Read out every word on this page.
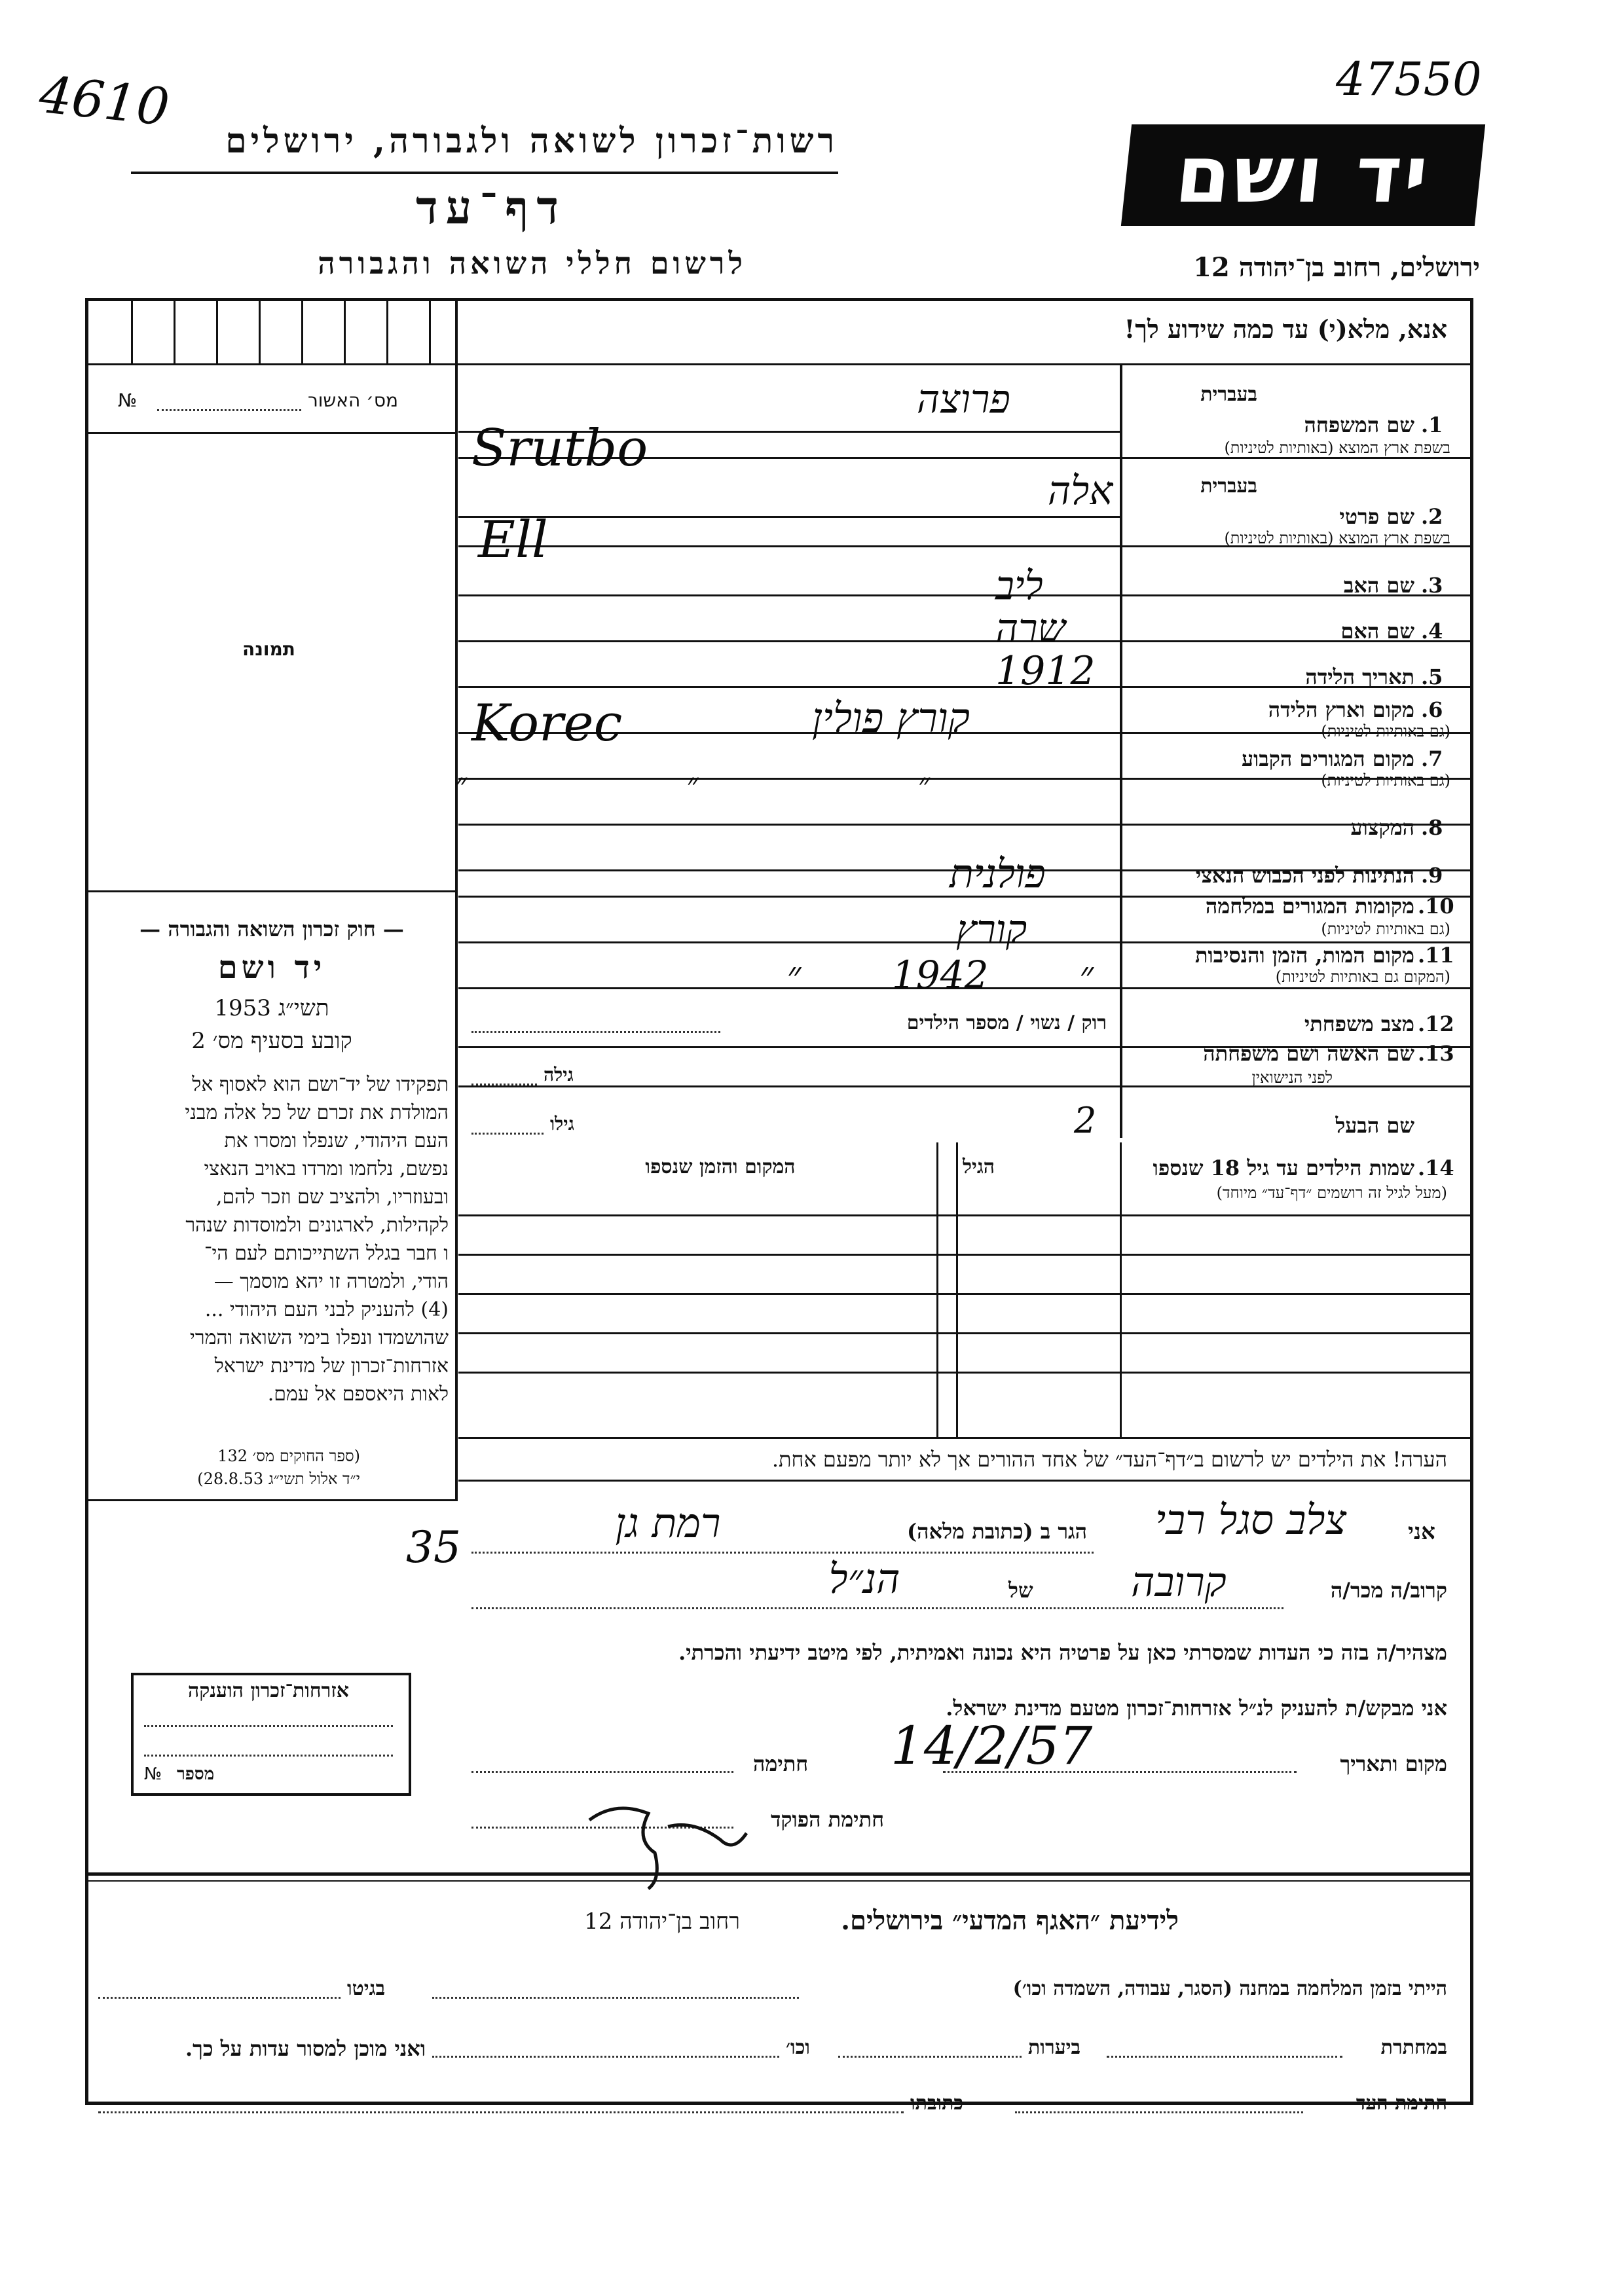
4610	47550
רשות־זכרון לשואה ולגבורה, ירושלים
דף־עד
לרשום חללי השואה והגבורה
יד ושם
ירושלים, רחוב בן־יהודה 12
אנא, מלא(י) עד כמה שידוע לך!
מס׳ האשור
№
תמונה
בעברית
1.
שם המשפחה
בשפת ארץ המוצא (באותיות לטיניות)
פרוצה
Srutbo
בעברית
2.
שם פרטי
בשפת ארץ המוצא (באותיות לטיניות)
אלה
Ell
3.
שם האב
ליב
4.
שם האם
שרה
5.
תאריך הלידה
1912
6.
מקום וארץ הלידה
(גם באותיות לטיניות)
קורץ פולין
Korec
7.
מקום המגורים הקבוע
(גם באותיות לטיניות)
״ ״ ״
8.
המקצוע
9.
הנתינות לפני הכבוש הנאצי
פולנית
10.
מקומות המגורים במלחמה
(גם באותיות לטיניות)
קורץ
11.
מקום המות, הזמן והנסיבות
(המקום גם באותיות לטיניות)
״ 1942 ״
12.
מצב משפחתי
רוק / נשוי / מספר הילדים
13.
שם האשה ושם משפחתה
לפני הנישואין
גילה
שם הבעל
גילו	2
14.
שמות הילדים עד גיל 18 שנספו
(מעל לגיל זה רושמים ״דף־עד״ מיוחד)
הגיל
המקום והזמן שנספו
— חוק זכרון השואה והגבורה —
יד ושם
תשי״ג 1953
קובע בסעיף מס׳ 2
תפקידו של יד־ושם הוא לאסוף אל
המולדת את זכרם של כל אלה מבני
העם היהודי, שנפלו ומסרו את
נפשם, נלחמו ומרדו באויב הנאצי
ובעוזריו, ולהציב שם וזכר להם,
לקהילות, לארגונים ולמוסדות שנהר
ו חבר בגלל השתייכותם לעם הי־
הודי, ולמטרה זו יהא מוסמך —
(4) להעניק לבני העם היהודי ...
שהושמדו ונפלו בימי השואה והמרי
אזרחות־זכרון של מדינת ישראל
לאות היאספם אל עמם.
(ספר החוקים מס׳ 132
י״ד אלול תשי״ג 28.8.53)
הערה! את הילדים יש לרשום ב״דף־העד״ של אחד ההורים אך לא יותר מפעם אחת.
אני
צלב סגל רבי
הגר ב (כתובת מלאה)
רמת גן
35
קרוב/ה מכר/ה
קרובה
של
הנ״ל
מצהיר/ה בזה כי העדות שמסרתי כאן על פרטיה היא נכונה ואמיתית, לפי מיטב ידיעתי והכרתי.
אני מבקש/ת להעניק לנ״ל אזרחות־זכרון מטעם מדינת ישראל.
מקום ותאריך
14/2/57
חתימה
חתימת הפוקד
אזרחות־זכרון הוענקה
מספר
№
לידיעת ״האגף המדעי״ בירושלים.
רחוב בן־יהודה 12
הייתי בזמן המלחמה במחנה (הסגר, עבודה, השמדה וכו׳)
בגיטו
במחתרת
ביערות
וכו׳
ואני מוכן למסור עדות על כך.
חתימת העד
כתובתו
